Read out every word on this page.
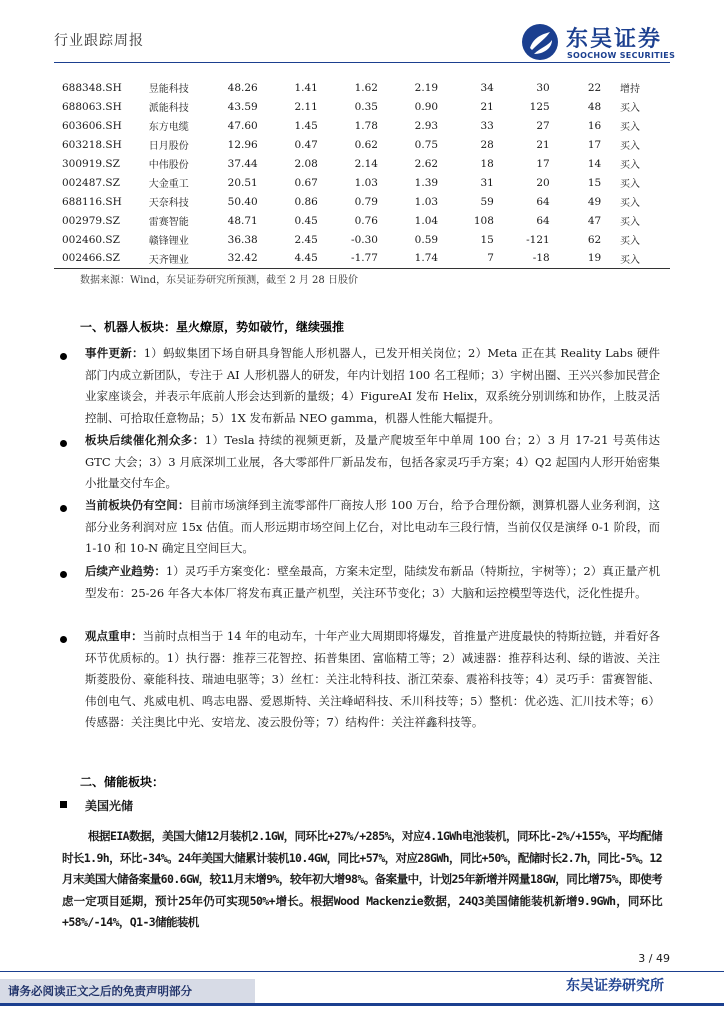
行业跟踪周报	东吴证券
SOOCHOW SECURITIES
688348.SH	昱能科技	48.26	1.41	1.62	2.19	34	30	22	增持
688063.SH	派能科技	43.59	2.11	0.35	0.90	21	125	48	买入
603606.SH	东方电缆	47.60	1.45	1.78	2.93	33	27	16	买入
603218.SH	日月股份	12.96	0.47	0.62	0.75	28	21	17	买入
300919.SZ	中伟股份	37.44	2.08	2.14	2.62	18	17	14	买入
002487.SZ	大金重工	20.51	0.67	1.03	1.39	31	20	15	买入
688116.SH	天奈科技	50.40	0.86	0.79	1.03	59	64	49	买入
002979.SZ	雷赛智能	48.71	0.45	0.76	1.04	108	64	47	买入
002460.SZ	赣锋锂业	36.38	2.45	-0.30	0.59	15	-121	62	买入
002466.SZ	天齐锂业	32.42	4.45	-1.77	1.74	7	-18	19	买入
数据来源：Wind，东吴证券研究所预测，截至 2 月 28 日股价
一、机器人板块：星火燎原，势如破竹，继续强推
事件更新：1）蚂蚁集团下场自研具身智能人形机器人，已发开相关岗位；2）Meta 正在其 Reality Labs 硬件部门内成立新团队，专注于 AI 人形机器人的研发，年内计划招 100 名工程师；3）宇树出圈、王兴兴参加民营企业家座谈会，并表示年底前人形会达到新的量级；4）FigureAI 发布 Helix，双系统分别训练和协作，上肢灵活控制、可拾取任意物品；5）1X 发布新品 NEO gamma，机器人性能大幅提升。
板块后续催化剂众多：1）Tesla 持续的视频更新，及量产爬坡至年中单周 100 台；2）3 月 17-21 号英伟达 GTC 大会；3）3 月底深圳工业展，各大零部件厂新品发布，包括各家灵巧手方案；4）Q2 起国内人形开始密集小批量交付车企。
当前板块仍有空间：目前市场演绎到主流零部件厂商按人形 100 万台，给予合理份额，测算机器人业务利润，这部分业务利润对应 15x 估值。而人形远期市场空间上亿台，对比电动车三段行情，当前仅仅是演绎 0-1 阶段，而 1-10 和 10-N 确定且空间巨大。
后续产业趋势：1）灵巧手方案变化：壁垒最高，方案未定型，陆续发布新品（特斯拉，宇树等）；2）真正量产机型发布：25-26 年各大本体厂将发布真正量产机型，关注环节变化；3）大脑和运控模型等迭代，泛化性提升。
观点重申：当前时点相当于 14 年的电动车，十年产业大周期即将爆发，首推量产进度最快的特斯拉链，并看好各环节优质标的。1）执行器：推荐三花智控、拓普集团、富临精工等；2）减速器：推荐科达利、绿的谐波、关注斯菱股份、豪能科技、瑞迪电驱等；3）丝杠：关注北特科技、浙江荣泰、震裕科技等；4）灵巧手：雷赛智能、伟创电气、兆威电机、鸣志电器、爱恩斯特、关注峰岹科技、禾川科技等；5）整机：优必选、汇川技术等；6）传感器：关注奥比中光、安培龙、凌云股份等；7）结构件：关注祥鑫科技等。
二、储能板块：
美国光储
根据EIA数据，美国大储12月装机2.1GW，同环比+27%/+285%，对应4.1GWh电池装机，同环比-2%/+155%，平均配储时长1.9h，环比-34%。24年美国大储累计装机10.4GW，同比+57%，对应28GWh，同比+50%，配储时长2.7h，同比-5%。12月末美国大储备案量60.6GW，较11月末增9%，较年初大增98%。备案量中，计划25年新增并网量18GW，同比增75%，即使考虑一定项目延期，预计25年仍可实现50%+增长。根据Wood Mackenzie数据，24Q3美国储能装机新增9.9GWh，同环比+58%/-14%，Q1-3储能装机
3 / 49
请务必阅读正文之后的免责声明部分	东吴证券研究所
